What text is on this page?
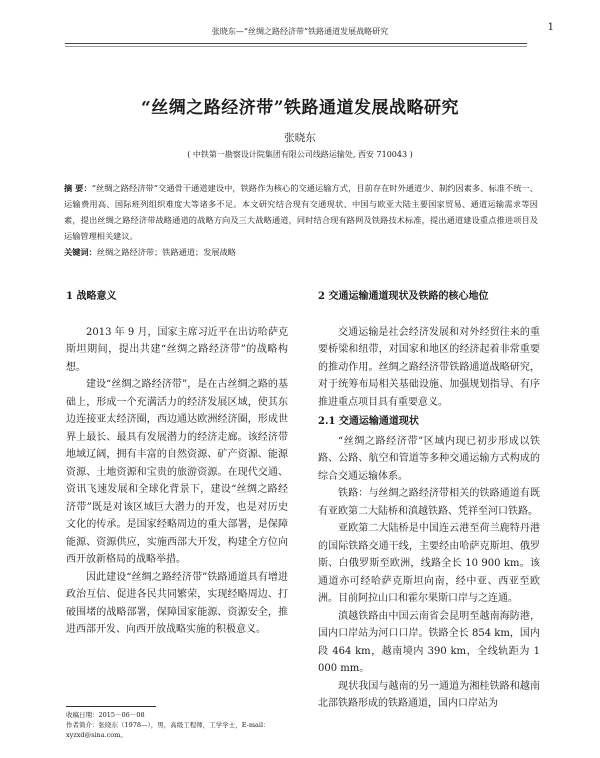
张晓东—“丝绸之路经济带”铁路通道发展战略研究	1
“丝绸之路经济带”铁路通道发展战略研究
张晓东
( 中铁第一勘察设计院集团有限公司线路运输处, 西安 710043 )
摘 要：“丝绸之路经济带”交通骨干通道建设中，铁路作为核心的交通运输方式，目前存在时外通道少、制约因素多、标准不统一、运输费用高、国际班列组织难度大等诸多不足。本文研究结合现有交通现状、中国与欧亚大陆主要国家贸易、通道运输需求等因素，提出丝绸之路经济带战略通道的战略方向及三大战略通道，同时结合现有路网及铁路技术标准，提出通道建设重点推进项目及运输管理相关建议。
关键词：丝绸之路经济带；铁路通道；发展战略
1 战略意义

2013 年 9 月，国家主席习近平在出访哈萨克斯坦期间，提出共建“丝绸之路经济带”的战略构想。

建设“丝绸之路经济带”，是在古丝绸之路的基础上，形成一个充满活力的经济发展区域，使其东边连接亚太经济圈，西边通达欧洲经济圈，形成世界上最长、最具有发展潜力的经济走廊。该经济带地域辽阔，拥有丰富的自然资源、矿产资源、能源资源、土地资源和宝贵的旅游资源。在现代交通、资讯飞速发展和全球化背景下，建设“丝绸之路经济带”既是对该区域巨大潜力的开发，也是对历史文化的传承。是国家经略周边的重大部署，是保障能源、资源供应，实施西部大开发，构建全方位向西开放新格局的战略举措。

因此建设“丝绸之路经济带”铁路通道具有增进政治互信、促进各民共同繁荣，实现经略周边、打破围堵的战略部署，保障国家能源、资源安全，推进西部开发、向西开放战略实施的积极意义。

2 交通运输通道现状及铁路的核心地位

交通运输是社会经济发展和对外经贸往来的重要桥梁和纽带，对国家和地区的经济起着非常重要的推动作用。丝绸之路经济带铁路通道战略研究，对于统筹布局相关基础设施、加强规划指导、有序推进重点项目具有重要意义。

2.1 交通运输通道现状

“丝绸之路经济带”区域内现已初步形成以铁路、公路、航空和管道等多种交通运输方式构成的综合交通运输体系。

铁路：与丝绸之路经济带相关的铁路通道有既有亚欧第二大陆桥和滇越铁路、凭祥至河口铁路。

亚欧第二大陆桥是中国连云港至荷兰鹿特丹港的国际铁路交通干线，主要经由哈萨克斯坦、俄罗斯、白俄罗斯至欧洲，线路全长 10 900 km。该通道亦可经哈萨克斯坦向南，经中亚、西亚至欧洲。目前阿拉山口和霍尔果斯口岸与之连通。

滇越铁路由中国云南省会昆明至越南海防港，国内口岸站为河口口岸。铁路全长 854 km，国内段 464 km，越南境内 390 km，全线轨距为 1 000 mm。

现状我国与越南的另一通道为湘桂铁路和越南北部铁路形成的铁路通道，国内口岸站为

收稿日期：2015－06－08
作者简介：张晓东（1978—），男，高级工程师，工学学士，E-mail：xyzxd@sina.com。
